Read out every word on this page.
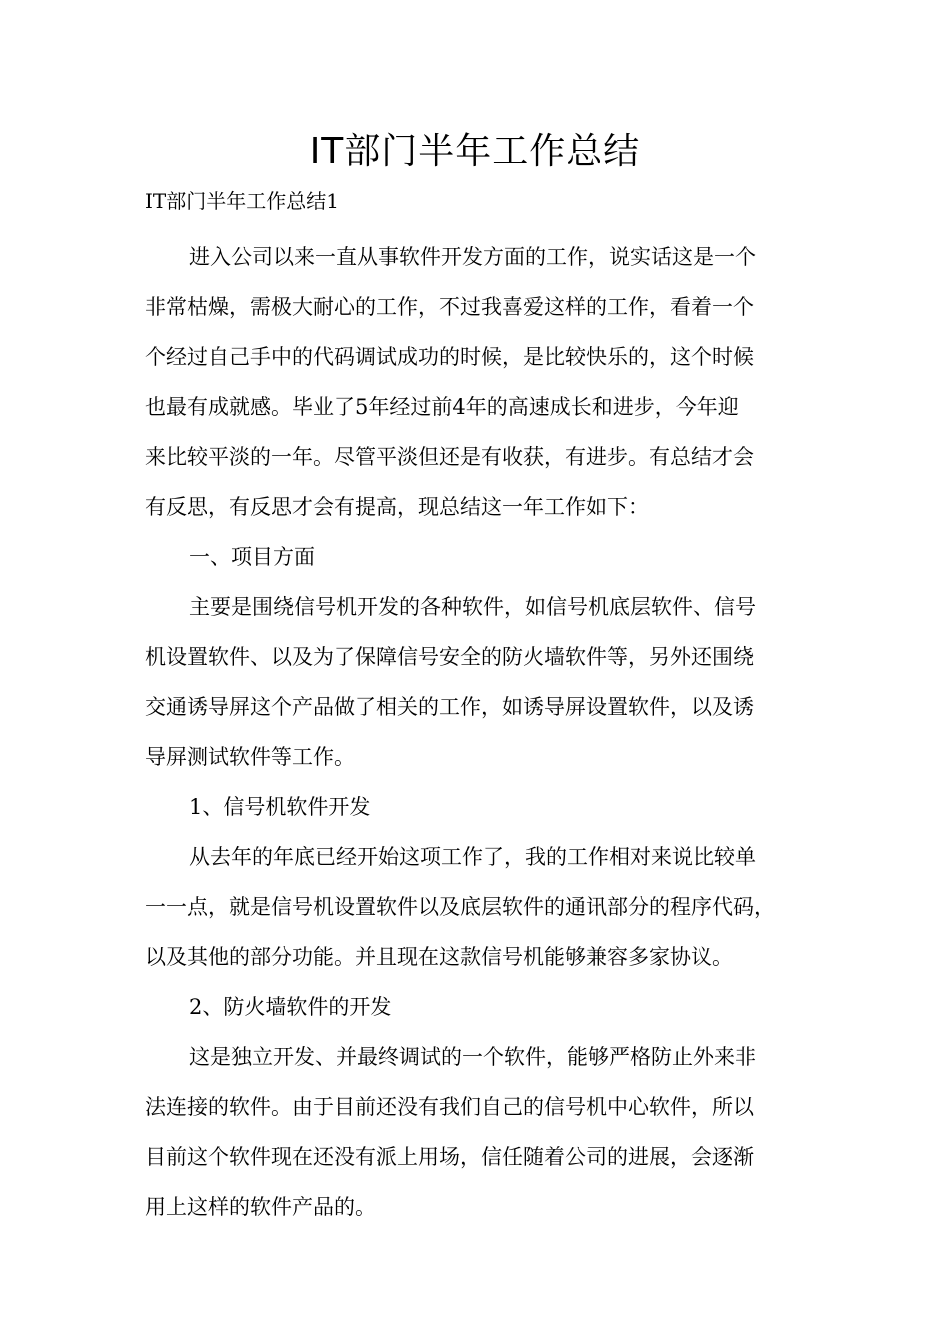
IT部门半年工作总结

IT部门半年工作总结1

进入公司以来一直从事软件开发方面的工作，说实话这是一个

非常枯燥，需极大耐心的工作，不过我喜爱这样的工作，看着一个

个经过自己手中的代码调试成功的时候，是比较快乐的，这个时候

也最有成就感。毕业了5年经过前4年的高速成长和进步，今年迎

来比较平淡的一年。尽管平淡但还是有收获，有进步。有总结才会

有反思，有反思才会有提高，现总结这一年工作如下：

一、项目方面

主要是围绕信号机开发的各种软件，如信号机底层软件、信号

机设置软件、以及为了保障信号安全的防火墙软件等，另外还围绕

交通诱导屏这个产品做了相关的工作，如诱导屏设置软件，以及诱

导屏测试软件等工作。

1、信号机软件开发

从去年的年底已经开始这项工作了，我的工作相对来说比较单

一一点，就是信号机设置软件以及底层软件的通讯部分的程序代码，

以及其他的部分功能。并且现在这款信号机能够兼容多家协议。

2、防火墙软件的开发

这是独立开发、并最终调试的一个软件，能够严格防止外来非

法连接的软件。由于目前还没有我们自己的信号机中心软件，所以

目前这个软件现在还没有派上用场，信任随着公司的进展，会逐渐

用上这样的软件产品的。
